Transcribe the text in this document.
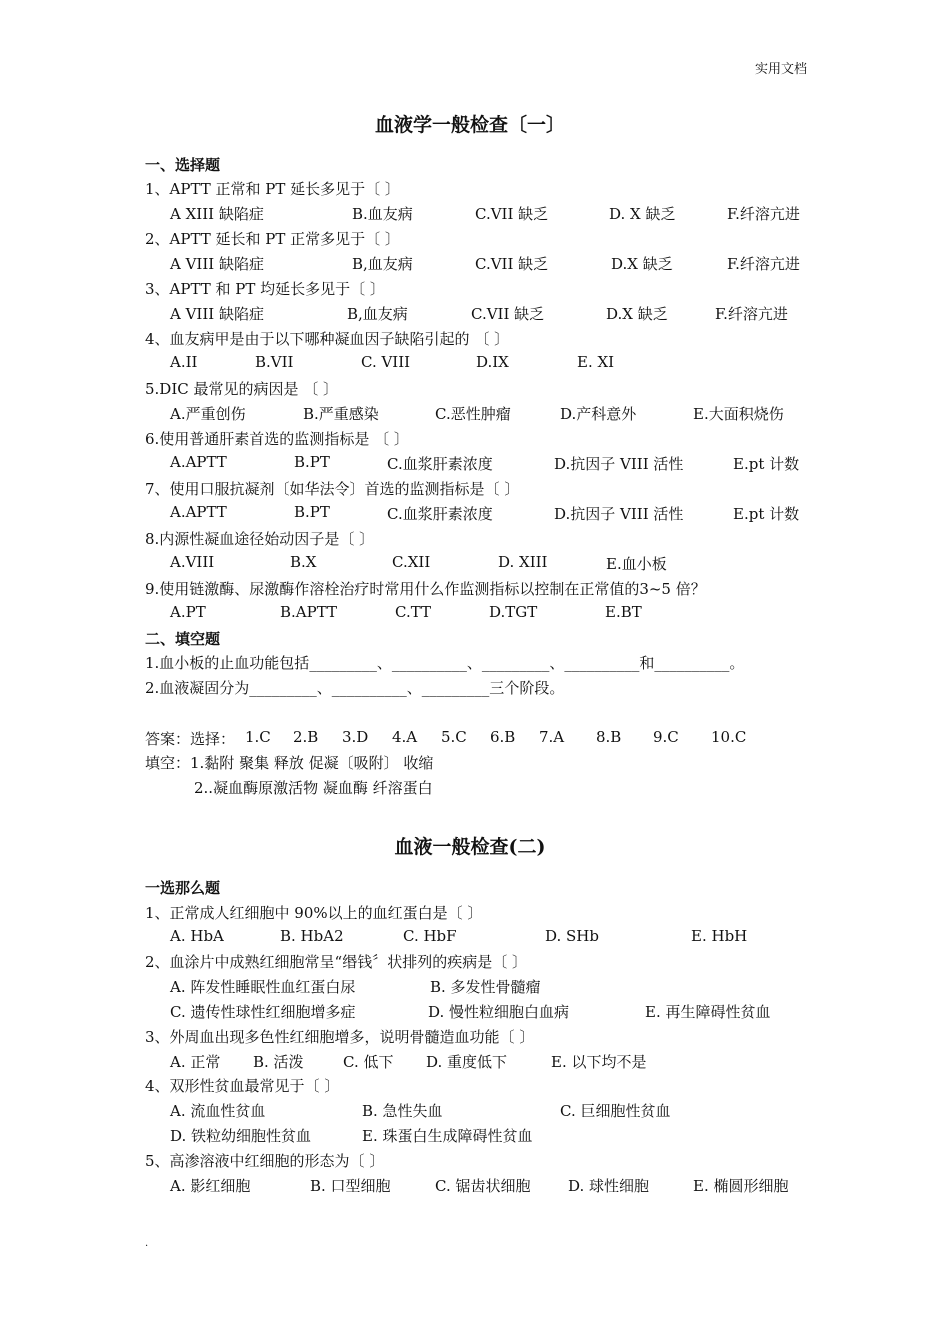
实用文档
血液学一般检查〔一〕
一、选择题
1、APTT 正常和 PT 延长多见于〔 〕
A XIII 缺陷症	B.血友病	C.VII 缺乏	D. X 缺乏	F.纤溶亢进
2、APTT 延长和 PT 正常多见于〔 〕
A VIII 缺陷症	B,血友病	C.VII 缺乏	D.X 缺乏	F.纤溶亢进
3、APTT 和 PT 均延长多见于〔 〕
A VIII 缺陷症	B,血友病	C.VII 缺乏	D.X 缺乏	F.纤溶亢进
4、血友病甲是由于以下哪种凝血因子缺陷引起的 〔 〕
A.II	B.VII	C. VIII	D.IX	E. XI
5.DIC 最常见的病因是 〔 〕
A.严重创伤	B.严重感染	C.恶性肿瘤	D.产科意外	E.大面积烧伤
6.使用普通肝素首选的监测指标是 〔 〕
A.APTT	B.PT	C.血浆肝素浓度	D.抗因子 VIII 活性	E.pt 计数
7、使用口服抗凝剂〔如华法令〕首选的监测指标是〔 〕
A.APTT	B.PT	C.血浆肝素浓度	D.抗因子 VIII 活性	E.pt 计数
8.内源性凝血途径始动因子是〔 〕
A.VIII	B.X	C.XII	D. XIII	E.血小板
9.使用链激酶、尿激酶作溶栓治疗时常用什么作监测指标以控制在正常值的3~5 倍？
A.PT	B.APTT	C.TT	D.TGT	E.BT
二、填空题
1.血小板的止血功能包括_________、__________、_________、__________和__________。
2.血液凝固分为_________、__________、_________三个阶段。
答案：选择： 1.C 2.B 3.D 4.A 5.C 6.B 7.A 8.B 9.C 10.C
填空：1.黏附 聚集 释放 促凝〔吸附〕 收缩
2..凝血酶原激活物 凝血酶 纤溶蛋白
血液一般检查(二)
一选那么题
1、正常成人红细胞中 90%以上的血红蛋白是〔 〕
A. HbA	B. HbA2	C. HbF	D. SHb	E. HbH
2、血涂片中成熟红细胞常呈“缗钱〞状排列的疾病是〔 〕
A. 阵发性睡眠性血红蛋白尿	B. 多发性骨髓瘤
C. 遗传性球性红细胞增多症	D. 慢性粒细胞白血病	E. 再生障碍性贫血
3、外周血出现多色性红细胞增多，说明骨髓造血功能〔 〕
A. 正常 B. 活泼	C. 低下 D. 重度低下	E. 以下均不是
4、双形性贫血最常见于〔 〕
A. 流血性贫血	B. 急性失血	C. 巨细胞性贫血
D. 铁粒幼细胞性贫血	E. 珠蛋白生成障碍性贫血
5、高渗溶液中红细胞的形态为〔 〕
A. 影红细胞	B. 口型细胞	C. 锯齿状细胞	D. 球性细胞	E. 椭圆形细胞
.
